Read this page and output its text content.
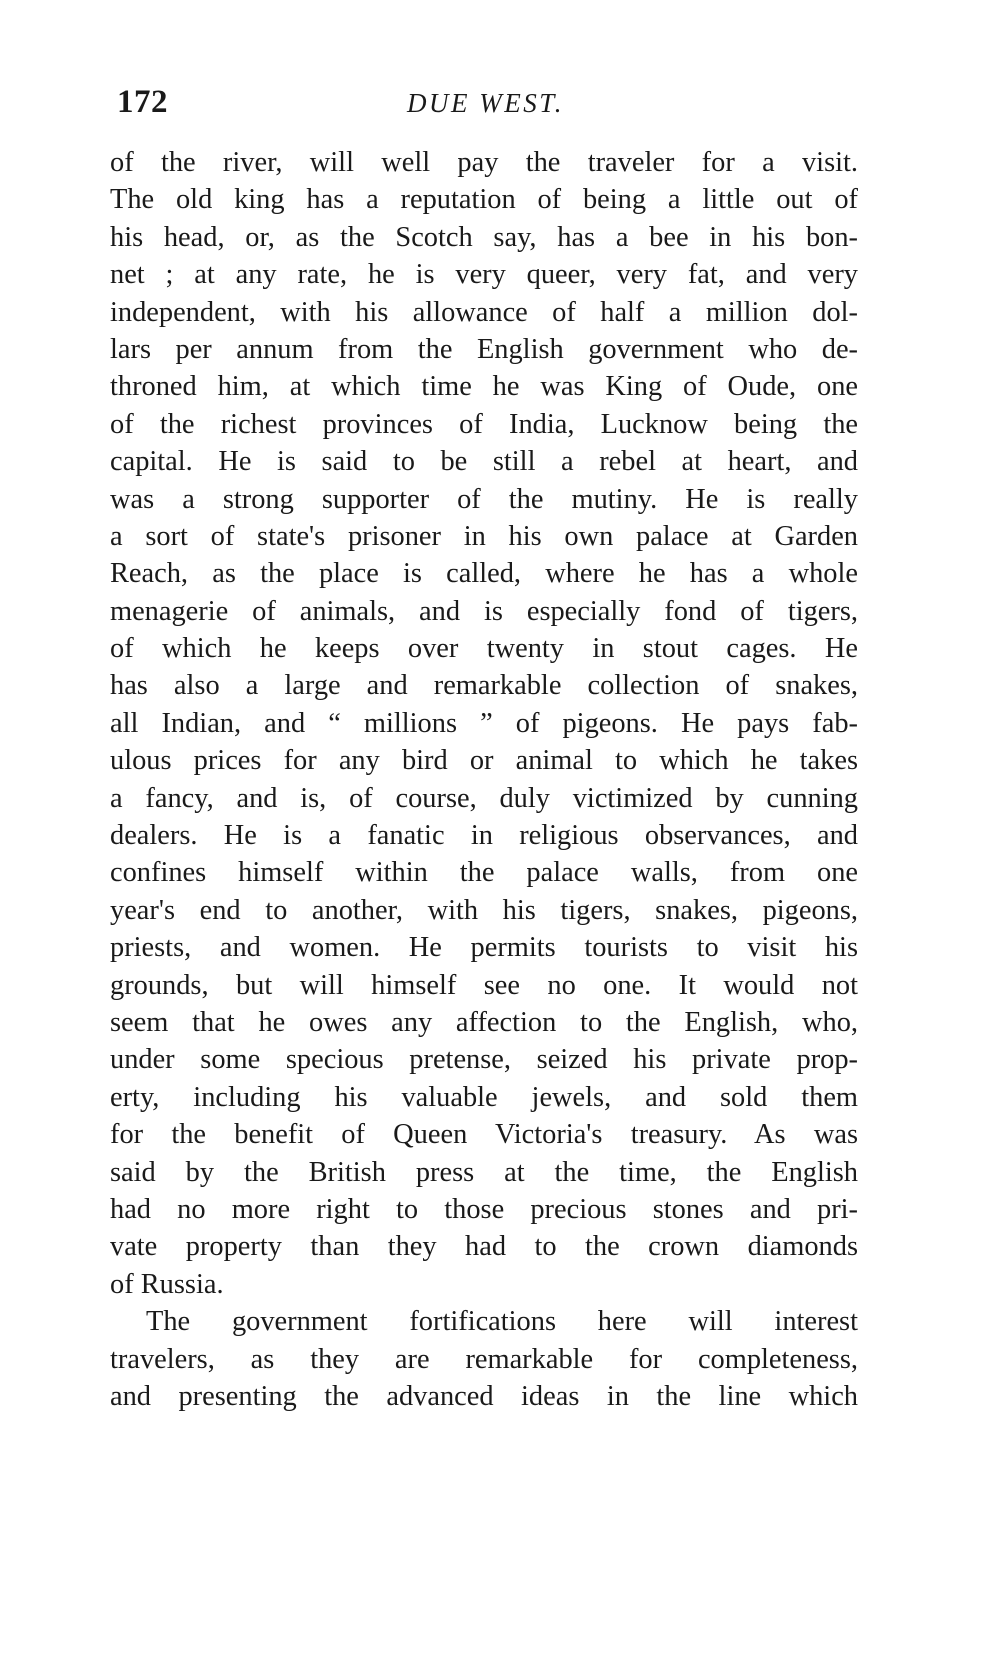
172	DUE WEST.
of the river, will well pay the traveler for a visit.
The old king has a reputation of being a little out of
his head, or, as the Scotch say, has a bee in his bon-
net ; at any rate, he is very queer, very fat, and very
independent, with his allowance of half a million dol-
lars per annum from the English government who de-
throned him, at which time he was King of Oude, one
of the richest provinces of India, Lucknow being the
capital. He is said to be still a rebel at heart, and
was a strong supporter of the mutiny. He is really
a sort of state's prisoner in his own palace at Garden
Reach, as the place is called, where he has a whole
menagerie of animals, and is especially fond of tigers,
of which he keeps over twenty in stout cages. He
has also a large and remarkable collection of snakes,
all Indian, and “ millions ” of pigeons. He pays fab-
ulous prices for any bird or animal to which he takes
a fancy, and is, of course, duly victimized by cunning
dealers. He is a fanatic in religious observances, and
confines himself within the palace walls, from one
year's end to another, with his tigers, snakes, pigeons,
priests, and women. He permits tourists to visit his
grounds, but will himself see no one. It would not
seem that he owes any affection to the English, who,
under some specious pretense, seized his private prop-
erty, including his valuable jewels, and sold them
for the benefit of Queen Victoria's treasury. As was
said by the British press at the time, the English
had no more right to those precious stones and pri-
vate property than they had to the crown diamonds
of Russia.
The government fortifications here will interest
travelers, as they are remarkable for completeness,
and presenting the advanced ideas in the line which
